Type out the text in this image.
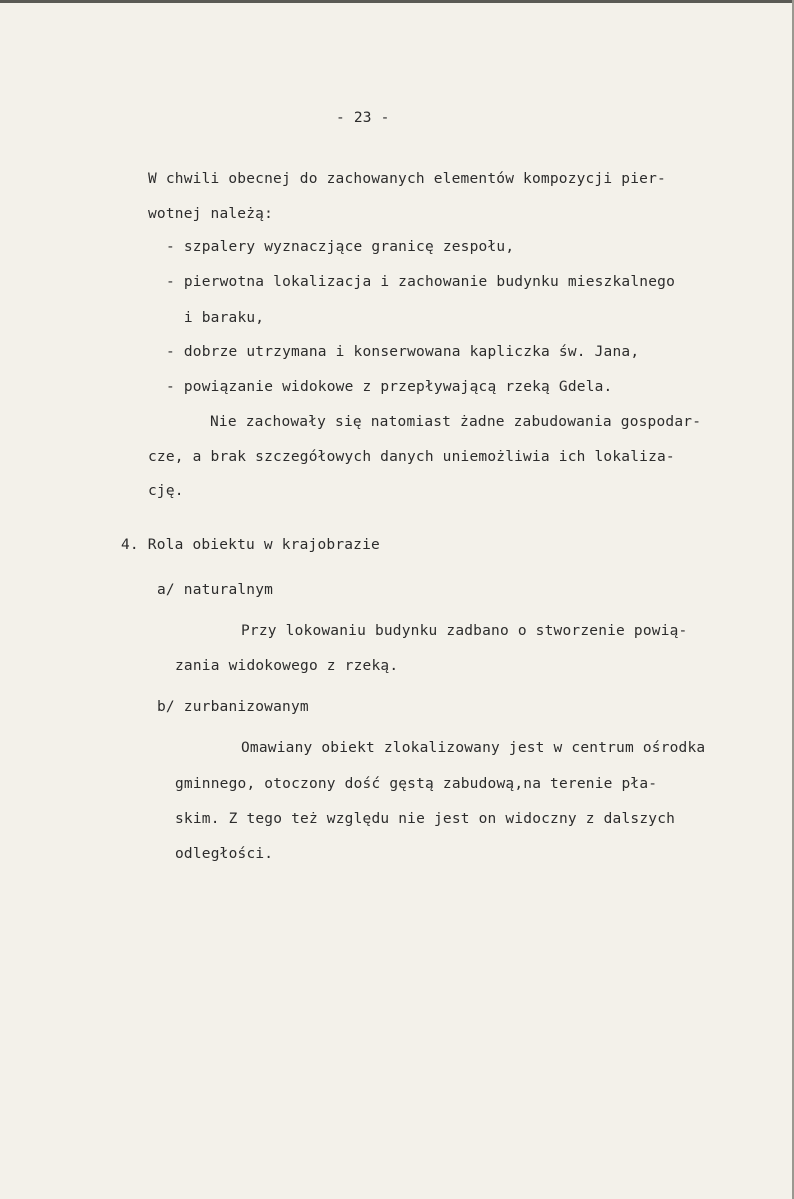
- 23 -
W chwili obecnej do zachowanych elementów kompozycji pier-
wotnej należą:
- szpalery wyznaczjące granicę zespołu,
- pierwotna lokalizacja i zachowanie budynku mieszkalnego
i baraku,
- dobrze utrzymana i konserwowana kapliczka św. Jana,
- powiązanie widokowe z przepływającą rzeką Gdela.
Nie zachowały się natomiast żadne zabudowania gospodar-
cze, a brak szczegółowych danych uniemożliwia ich lokaliza-
cję.
4. Rola obiektu w krajobrazie
a/ naturalnym
Przy lokowaniu budynku zadbano o stworzenie powią-
zania widokowego z rzeką.
b/ zurbanizowanym
Omawiany obiekt zlokalizowany jest w centrum ośrodka
gminnego, otoczony dość gęstą zabudową,na terenie pła-
skim. Z tego też względu nie jest on widoczny z dalszych
odległości.
